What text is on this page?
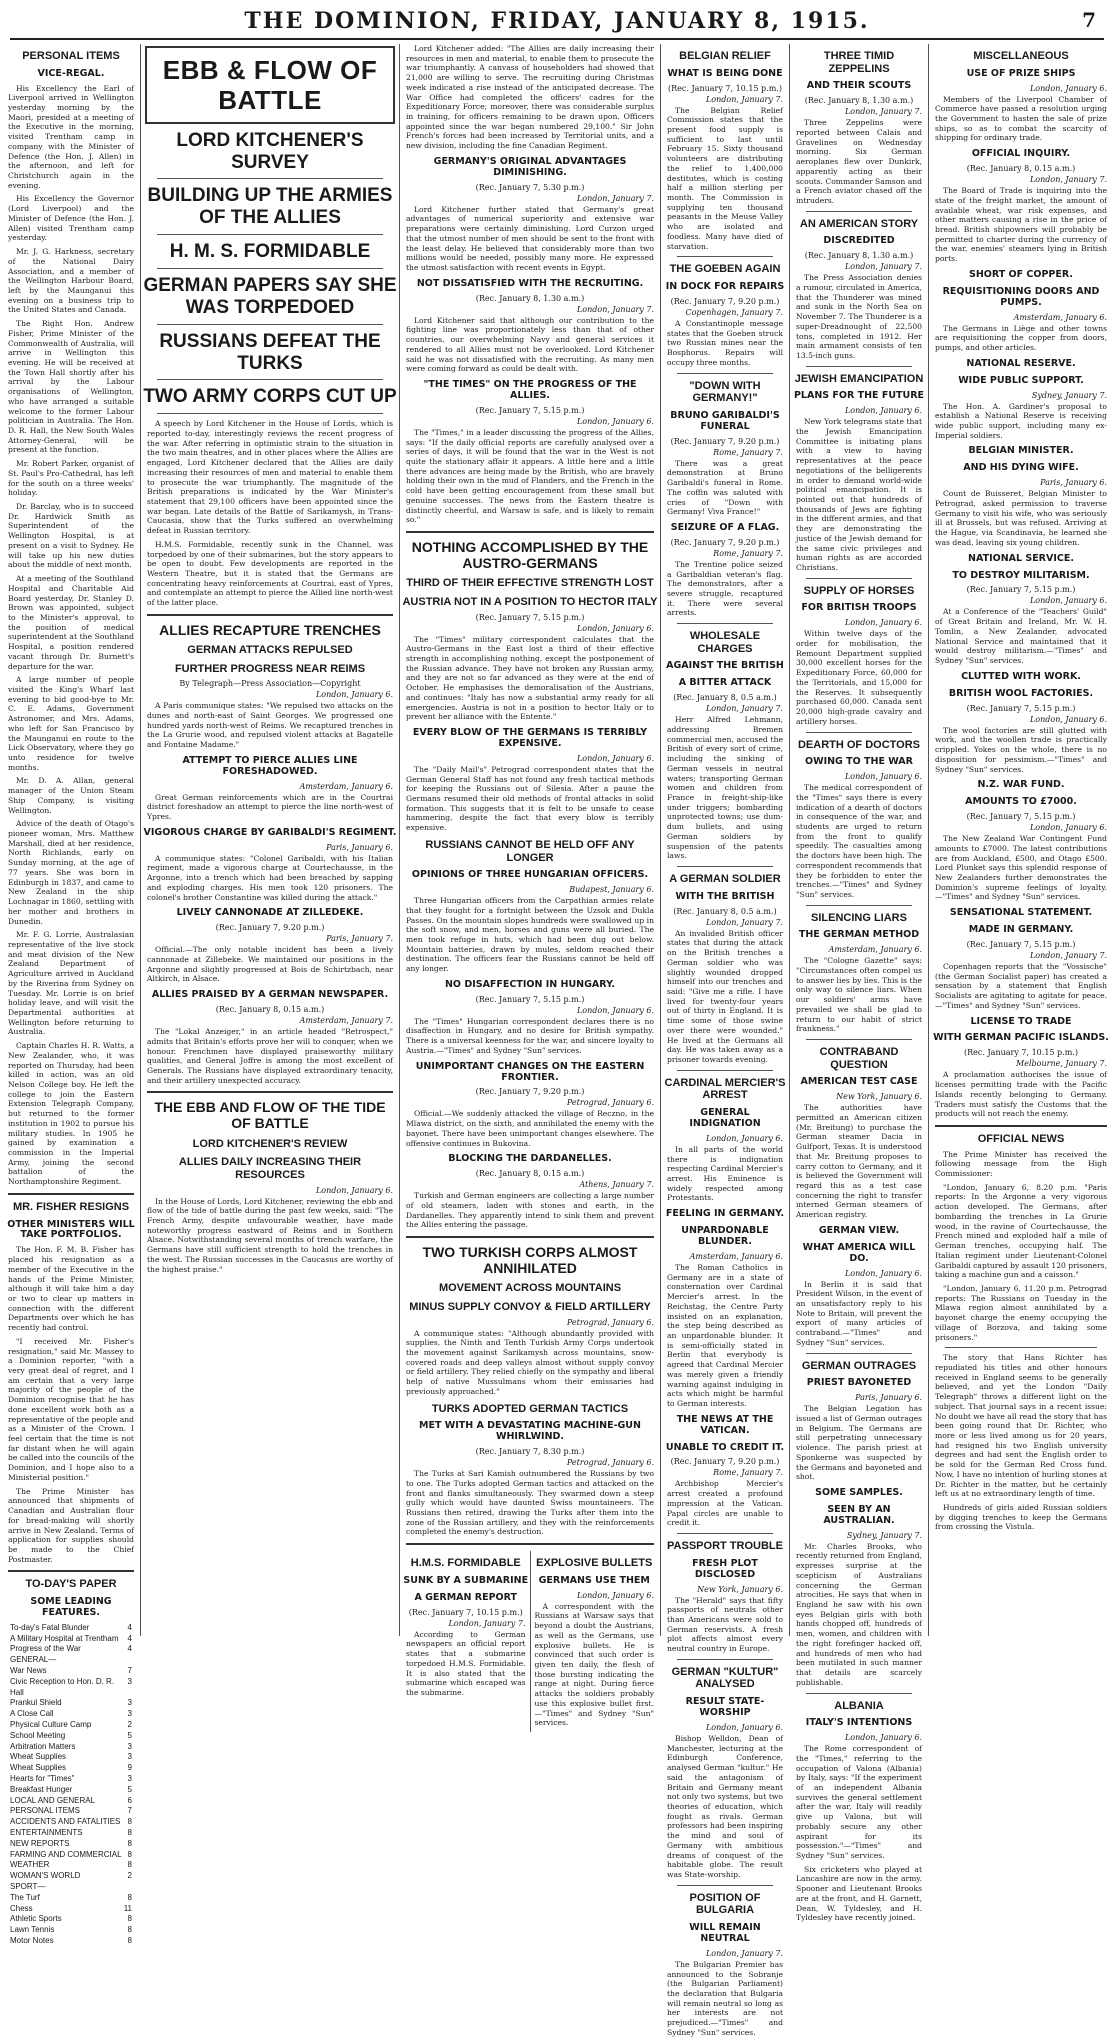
THE DOMINION, FRIDAY, JANUARY 8, 1915.	7
PERSONAL ITEMS
VICE-REGAL.

His Excellency the Earl of Liverpool arrived in Wellington yesterday morning by the Maori, presided at a meeting of the Executive in the morning, visited Trentham camp in company with the Minister of Defence (the Hon. J. Allen) in the afternoon, and left for Christchurch again in the evening.

His Excellency the Governor (Lord Liverpool) and the Minister of Defence (the Hon. J. Allen) visited Trentham camp yesterday.

Mr. J. G. Harkness, secretary of the National Dairy Association, and a member of the Wellington Harbour Board, left by the Maunganui this evening on a business trip to the United States and Canada.

The Right Hon. Andrew Fisher, Prime Minister of the Commonwealth of Australia, will arrive in Wellington this evening. He will be received at the Town Hall shortly after his arrival by the Labour organisations of Wellington, who have arranged a suitable welcome to the former Labour politician in Australia. The Hon. D. R. Hall, the New South Wales Attorney-General, will be present at the function.

Mr. Robert Parker, organist of St. Paul's Pro-Cathedral, has left for the south on a three weeks' holiday.

Dr. Barclay, who is to succeed Dr. Hardwick Smith as Superintendent of the Wellington Hospital, is at present on a visit to Sydney. He will take up his new duties about the middle of next month.

At a meeting of the Southland Hospital and Charitable Aid Board yesterday, Dr. Stanley D. Brown was appointed, subject to the Minister's approval, to the position of medical superintendent at the Southland Hospital, a position rendered vacant through Dr. Burnett's departure for the war.

A large number of people visited the King's Wharf last evening to bid good-bye to Mr. C. E. Adams, Government Astronomer, and Mrs. Adams, who left for San Francisco by the Maunganui en route to the Lick Observatory, where they go unto residence for twelve months.

Mr. D. A. Allan, general manager of the Union Steam Ship Company, is visiting Wellington.

Advice of the death of Otago's pioneer woman, Mrs. Matthew Marshall, died at her residence, North Richlands, early on Sunday morning, at the age of 77 years. She was born in Edinburgh in 1837, and came to New Zealand in the ship Lochnagar in 1860, settling with her mother and brothers in Dunedin.

Mr. F. G. Lorrie, Australasian representative of the live stock and meat division of the New Zealand Department of Agriculture arrived in Auckland by the Riverina from Sydney on Tuesday. Mr. Lorrie is on brief holiday leave, and will visit the Departmental authorities at Wellington before returning to Australia.

Captain Charles H. R. Watts, a New Zealander, who, it was reported on Thursday, had been killed in action, was an old Nelson College boy. He left the college to join the Eastern Extension Telegraph Company, but returned to the former institution in 1902 to pursue his military studies. In 1905 he gained by examination a commission in the Imperial Army, joining the second battalion of the Northamptonshire Regiment.

MR. FISHER RESIGNS
OTHER MINISTERS WILL TAKE PORTFOLIOS.

The Hon. F. M. B. Fisher has placed his resignation as a member of the Executive in the hands of the Prime Minister, although it will take him a day or two to clear up matters in connection with the different Departments over which he has recently had control.

"I received Mr. Fisher's resignation," said Mr. Massey to a Dominion reporter, "with a very great deal of regret, and I am certain that a very large majority of the people of the Dominion recognise that he has done excellent work both as a representative of the people and as a Minister of the Crown. I feel certain that the time is not far distant when he will again be called into the councils of the Dominion, and I hope also to a Ministerial position."

The Prime Minister has announced that shipments of Canadian and Australian flour for bread-making will shortly arrive in New Zealand. Terms of application for supplies should be made to the Chief Postmaster.

TO-DAY'S PAPER
SOME LEADING FEATURES.
To-day's Fatal Blunder	4
A Military Hospital at Trentham 4
Progress of the War	4
GENERAL—
War News	7
Civic Reception to Hon. D. R. Hall
3
Prankul Shield	3
A Close Call	3
Physical Culture Camp	2
School Meeting	5
Arbitration Matters	3
Wheat Supplies	3
Wheat Supplies	9
Hearts for "Times"	3
Breakfast Hunger	5
LOCAL AND GENERAL	6
PERSONAL ITEMS	7
ACCIDENTS AND FATALITIES 8
ENTERTAINMENTS	8
NEW REPORTS	8
FARMING AND COMMERCIAL 8
WEATHER	8
WOMAN'S WORLD	2
SPORT—
The Turf	8
Chess	11
Athletic Sports	8
Lawn Tennis	8
Motor Notes	8
EBB & FLOW OF BATTLE
LORD KITCHENER'S SURVEY
BUILDING UP THE ARMIES OF THE ALLIES
H. M. S. FORMIDABLE
GERMAN PAPERS SAY SHE WAS TORPEDOED
RUSSIANS DEFEAT THE TURKS
TWO ARMY CORPS CUT UP

A speech by Lord Kitchener in the House of Lords, which is reported to-day, interestingly reviews the recent progress of the war. After referring in optimistic strain to the situation in the two main theatres, and in other places where the Allies are engaged, Lord Kitchener declared that the Allies are daily increasing their resources of men and material to enable them to prosecute the war triumphantly. The magnitude of the British preparations is indicated by the War Minister's statement that 29,100 officers have been appointed since the war began. Late details of the Battle of Sarikamysh, in Trans-Caucasia, show that the Turks suffered an overwhelming defeat in Russian territory.

H.M.S. Formidable, recently sunk in the Channel, was torpedoed by one of their submarines, but the story appears to be open to doubt. Few developments are reported in the Western Theatre, but it is stated that the Germans are concentrating heavy reinforcements at Courtrai, east of Ypres, and contemplate an attempt to pierce the Allied line north-west of the latter place.

ALLIES RECAPTURE TRENCHES
GERMAN ATTACKS REPULSED
FURTHER PROGRESS NEAR REIMS
By Telegraph—Press Association—Copyright
London, January 6.

A Paris communique states: "We repulsed two attacks on the dunes and north-east of Saint Georges. We progressed one hundred yards north-west of Reims. We recaptured trenches in the La Grurie wood, and repulsed violent attacks at Bagatelle and Fontaine Madame."

ATTEMPT TO PIERCE ALLIES LINE FORESHADOWED.
Amsterdam, January 6.

Great German reinforcements which are in the Courtrai district foreshadow an attempt to pierce the line north-west of Ypres.

VIGOROUS CHARGE BY GARIBALDI'S REGIMENT.
Paris, January 6.

A communique states: "Colonel Garibaldi, with his Italian regiment, made a vigorous charge at Courtechausse, in the Argonne, into a trench which had been breached by sapping and exploding charges. His men took 120 prisoners. The colonel's brother Constantine was killed during the attack."

LIVELY CANNONADE AT ZILLEDEKE.
(Rec. January 7, 9.20 p.m.)
Paris, January 7.

Official.—The only notable incident has been a lively cannonade at Zillebeke. We maintained our positions in the Argonne and slightly progressed at Bois de Schirtzbach, near Altkirch, in Alsace.

ALLIES PRAISED BY A GERMAN NEWSPAPER.
(Rec. January 8, 0.15 a.m.)
Amsterdam, January 7.

The "Lokal Anzeiger," in an article headed "Retrospect," admits that Britain's efforts prove her will to conquer, when we honour. Frenchmen have displayed praiseworthy military qualities, and General Joffre is among the most excellent of Generals. The Russians have displayed extraordinary tenacity, and their artillery unexpected accuracy.

THE EBB AND FLOW OF THE TIDE OF BATTLE
LORD KITCHENER'S REVIEW
ALLIES DAILY INCREASING THEIR RESOURCES
London, January 6.

In the House of Lords, Lord Kitchener, reviewing the ebb and flow of the tide of battle during the past few weeks, said: "The French Army, despite unfavourable weather, have made noteworthy progress eastward of Reims and in Southern Alsace. Notwithstanding several months of trench warfare, the Germans have still sufficient strength to hold the trenches in the west. The Russian successes in the Caucasus are worthy of the highest praise."

Lord Kitchener added: "The Allies are daily increasing their resources in men and material, to enable them to prosecute the war triumphantly. A canvass of householders had showed that 21,000 are willing to serve. The recruiting during Christmas week indicated a rise instead of the anticipated decrease. The War Office had completed the officers' cadres for the Expeditionary Force; moreover, there was considerable surplus in training, for officers remaining to be drawn upon. Officers appointed since the war began numbered 29,100." Sir John French's forces had been increased by Territorial units, and a new division, including the fine Canadian Regiment.

GERMANY'S ORIGINAL ADVANTAGES DIMINISHING.
(Rec. January 7, 5.30 p.m.)
London, January 7.

Lord Kitchener further stated that Germany's great advantages of numerical superiority and extensive war preparations were certainly diminishing. Lord Curzon urged that the utmost number of men should be sent to the front with the least delay. He believed that considerably more than two millions would be needed, possibly many more. He expressed the utmost satisfaction with recent events in Egypt.

NOT DISSATISFIED WITH THE RECRUITING.
(Rec. January 8, 1.30 a.m.)
London, January 7.

Lord Kitchener said that although our contribution to the fighting line was proportionately less than that of other countries, our overwhelming Navy and general services it rendered to all Allies must not be overlooked. Lord Kitchener said he was not dissatisfied with the recruiting. As many men were coming forward as could be dealt with.

"THE TIMES" ON THE PROGRESS OF THE ALLIES.
(Rec. January 7, 5.15 p.m.)
London, January 6.

The "Times," in a leader discussing the progress of the Allies, says: "If the daily official reports are carefully analysed over a series of days, it will be found that the war in the West is not quite the stationary affair it appears. A little here and a little there advances are being made by the British, who are bravely holding their own in the mud of Flanders, and the French in the cold have been getting encouragement from these small but genuine successes. The news from the Eastern theatre is distinctly cheerful, and Warsaw is safe, and is likely to remain so."

NOTHING ACCOMPLISHED BY THE AUSTRO-GERMANS
THIRD OF THEIR EFFECTIVE STRENGTH LOST
AUSTRIA NOT IN A POSITION TO HECTOR ITALY
(Rec. January 7, 5.15 p.m.)
London, January 6.

The "Times" military correspondent calculates that the Austro-Germans in the East lost a third of their effective strength in accomplishing nothing, except the postponement of the Russian advance. They have not broken any Russian army, and they are not so far advanced as they were at the end of October. He emphasises the demoralisation of the Austrians, and continues: "Italy has now a substantial army ready for all emergencies. Austria is not in a position to hector Italy or to prevent her alliance with the Entente."

EVERY BLOW OF THE GERMANS IS TERRIBLY EXPENSIVE.
London, January 6.

The "Daily Mail's" Petrograd correspondent states that the German General Staff has not found any fresh tactical methods for keeping the Russians out of Silesia. After a pause the Germans resumed their old methods of frontal attacks in solid formation. This suggests that it is felt to be unsafe to cease hammering, despite the fact that every blow is terribly expensive.

RUSSIANS CANNOT BE HELD OFF ANY LONGER
OPINIONS OF THREE HUNGARIAN OFFICERS.
Budapest, January 6.

Three Hungarian officers from the Carpathian armies relate that they fought for a fortnight between the Uzsok and Dukla Passes. On the mountain slopes hundreds were swallowed up in the soft snow, and men, horses and guns were all buried. The men took refuge in huts, which had been dug out below. Mountain batteries, drawn by mules, seldom reached their destination. The officers fear the Russians cannot be held off any longer.

NO DISAFFECTION IN HUNGARY.
(Rec. January 7, 5.15 p.m.)
London, January 6.

The "Times" Hungarian correspondent declares there is no disaffection in Hungary, and no desire for British sympathy. There is a universal keenness for the war, and sincere loyalty to Austria.—"Times" and Sydney "Sun" services.

UNIMPORTANT CHANGES ON THE EASTERN FRONTIER.
(Rec. January 7, 9.20 p.m.)
Petrograd, January 6.

Official.—We suddenly attacked the village of Reczno, in the Mlawa district, on the sixth, and annihilated the enemy with the bayonet. There have been unimportant changes elsewhere. The offensive continues in Bukovina.

BLOCKING THE DARDANELLES.
(Rec. January 8, 0.15 a.m.)
Athens, January 7.

Turkish and German engineers are collecting a large number of old steamers, laden with stones and earth, in the Dardanelles. They apparently intend to sink them and prevent the Allies entering the passage.

TWO TURKISH CORPS ALMOST ANNIHILATED
MOVEMENT ACROSS MOUNTAINS
MINUS SUPPLY CONVOY & FIELD ARTILLERY
Petrograd, January 6.

A communique states: "Although abundantly provided with supplies, the Ninth and Tenth Turkish Army Corps undertook the movement against Sarikamysh across mountains, snow-covered roads and deep valleys almost without supply convoy or field artillery. They relied chiefly on the sympathy and liberal help of native Mussulmans whom their emissaries had previously approached."

TURKS ADOPTED GERMAN TACTICS
MET WITH A DEVASTATING MACHINE-GUN WHIRLWIND.
(Rec. January 7, 8.30 p.m.)
Petrograd, January 6.

The Turks at Sari Kamish outnumbered the Russians by two to one. The Turks adopted German tactics and attacked on the front and flanks simultaneously. They swarmed down a steep gully which would have daunted Swiss mountaineers. The Russians then retired, drawing the Turks after them into the zone of the Russian artillery, and they with the reinforcements completed the enemy's destruction.

H.M.S. FORMIDABLE
SUNK BY A SUBMARINE
A GERMAN REPORT
(Rec. January 7, 10.15 p.m.)
London, January 7.

According to German newspapers an official report states that a submarine torpedoed H.M.S. Formidable. It is also stated that the submarine which escaped was the submarine.

EXPLOSIVE BULLETS
GERMANS USE THEM
London, January 6.

A correspondent with the Russians at Warsaw says that beyond a doubt the Austrians, as well as the Germans, use explosive bullets. He is convinced that such order is given ten daily, the flesh of those bursting indicating the range at night. During fierce attacks the soldiers probably use this explosive bullet first.—"Times" and Sydney "Sun" services.

BELGIAN RELIEF
WHAT IS BEING DONE
(Rec. January 7, 10.15 p.m.)
London, January 7.

The Belgian Relief Commission states that the present food supply is sufficient to last until February 15. Sixty thousand volunteers are distributing the relief to 1,400,000 destitutes, which is costing half a million sterling per month. The Commission is supplying ten thousand peasants in the Meuse Valley who are isolated and foodless. Many have died of starvation.

THE GOEBEN AGAIN
IN DOCK FOR REPAIRS
(Rec. January 7, 9.20 p.m.)
Copenhagen, January 7.

A Constantinople message states that the Goeben struck two Russian mines near the Bosphorus. Repairs will occupy three months.

"DOWN WITH GERMANY!"
BRUNO GARIBALDI'S FUNERAL
(Rec. January 7, 9.20 p.m.)
Rome, January 7.

There was a great demonstration at Bruno Garibaldi's funeral in Rome. The coffin was saluted with cries of "Down with Germany! Viva France!"

SEIZURE OF A FLAG.
(Rec. January 7, 9.20 p.m.)
Rome, January 7.

The Trentine police seized a Garibaldian veteran's flag. The demonstrators, after a severe struggle, recaptured it. There were several arrests.

WHOLESALE CHARGES
AGAINST THE BRITISH
A BITTER ATTACK
(Rec. January 8, 0.5 a.m.)
London, January 7.

Herr Alfred Lehmann, addressing Bremen commercial men, accused the British of every sort of crime, including the sinking of German vessels in neutral waters; transporting German women and children from France in freight-ship-like under triggers; bombarding unprotected towns; use dum-dum bullets, and using German soldiers by suspension of the patents laws.

A GERMAN SOLDIER
WITH THE BRITISH
(Rec. January 8, 0.5 a.m.)
London, January 7.

An invalided British officer states that during the attack on the British trenches a German soldier who was slightly wounded dropped himself into our trenches and said: "Give me a rifle. I have lived for twenty-four years out of thirty in England. It is time some of those swine over there were wounded." He lived at the Germans all day. He was taken away as a prisoner towards evening.

CARDINAL MERCIER'S ARREST
GENERAL INDIGNATION
London, January 6.

In all parts of the world there is indignation respecting Cardinal Mercier's arrest. His Eminence is widely respected among Protestants.

FEELING IN GERMANY.
UNPARDONABLE BLUNDER.
Amsterdam, January 6.

The Roman Catholics in Germany are in a state of consternation over Cardinal Mercier's arrest. In the Reichstag, the Centre Party insisted on an explanation, the step being described as an unpardonable blunder. It is semi-officially stated in Berlin that everybody is agreed that Cardinal Mercier was merely given a friendly warning against indulging in acts which might be harmful to German interests.

THE NEWS AT THE VATICAN.
UNABLE TO CREDIT IT.
(Rec. January 7, 9.20 p.m.)
Rome, January 7.

Archbishop Mercier's arrest created a profound impression at the Vatican. Papal circles are unable to credit it.

PASSPORT TROUBLE
FRESH PLOT DISCLOSED
New York, January 6.

The "Herald" says that fifty passports of neutrals other than Americans were sold to German reservists. A fresh plot affects almost every neutral country in Europe.

GERMAN "KULTUR" ANALYSED
RESULT STATE-WORSHIP
London, January 6.

Bishop Welldon, Dean of Manchester, lecturing at the Edinburgh Conference, analysed German "kultur." He said the antagonism of Britain and Germany meant not only two systems, but two theories of education, which fought as rivals. German professors had been inspiring the mind and soul of Germany with ambitious dreams of conquest of the habitable globe. The result was State-worship.

POSITION OF BULGARIA
WILL REMAIN NEUTRAL
London, January 7.

The Bulgarian Premier has announced to the Sobranje (the Bulgarian Parliament) the declaration that Bulgaria will remain neutral so long as her interests are not prejudiced.—"Times" and Sydney "Sun" services.

THREE TIMID ZEPPELINS
AND THEIR SCOUTS
(Rec. January 8, 1.30 a.m.)
London, January 7.

Three Zeppelins were reported between Calais and Gravelines on Wednesday morning. Six German aeroplanes flew over Dunkirk, apparently acting as their scouts. Commander Samson and a French aviator chased off the intruders.

AN AMERICAN STORY
DISCREDITED
(Rec. January 8, 1.30 a.m.)
London, January 7.

The Press Association denies a rumour, circulated in America, that the Thunderer was mined and sunk in the North Sea on November 7. The Thunderer is a super-Dreadnought of 22,500 tons, completed in 1912. Her main armament consists of ten 13.5-inch guns.

JEWISH EMANCIPATION
PLANS FOR THE FUTURE
London, January 6.

New York telegrams state that the Jewish Emancipation Committee is initiating plans with a view to having representatives at the peace negotiations of the belligerents in order to demand world-wide political emancipation. It is pointed out that hundreds of thousands of Jews are fighting in the different armies, and that they are demonstrating the justice of the Jewish demand for the same civic privileges and human rights as are accorded Christians.

SUPPLY OF HORSES
FOR BRITISH TROOPS
London, January 6.

Within twelve days of the order for mobilisation, the Remount Department supplied 30,000 excellent horses for the Expeditionary Force, 60,000 for the Territorials, and 15,000 for the Reserves. It subsequently purchased 60,000. Canada sent 20,000 high-grade cavalry and artillery horses.

DEARTH OF DOCTORS
OWING TO THE WAR
London, January 6.

The medical correspondent of the "Times" says there is every indication of a dearth of doctors in consequence of the war, and students are urged to return from the front to qualify speedily. The casualties among the doctors have been high. The correspondent recommends that they be forbidden to enter the trenches.—"Times" and Sydney "Sun" services.

SILENCING LIARS
THE GERMAN METHOD
Amsterdam, January 6.

The "Cologne Gazette" says: "Circumstances often compel us to answer lies by lies. This is the only way to silence liars. When our soldiers' arms have prevailed we shall be glad to return to our habit of strict frankness."

CONTRABAND QUESTION
AMERICAN TEST CASE
New York, January 6.

The authorities have permitted an American citizen (Mr. Breitung) to purchase the German steamer Dacia in Gulfport, Texas. It is understood that Mr. Breitung proposes to carry cotton to Germany, and it is believed the Government will regard this as a test case concerning the right to transfer interned German steamers of American registry.

GERMAN VIEW.
WHAT AMERICA WILL DO.
London, January 6.

In Berlin it is said that President Wilson, in the event of an unsatisfactory reply to his Note to Britain, will prevent the export of many articles of contraband.—"Times" and Sydney "Sun" services.

GERMAN OUTRAGES
PRIEST BAYONETED
Paris, January 6.

The Belgian Legation has issued a list of German outrages in Belgium. The Germans are still perpetrating unnecessary violence. The parish priest at Sponkerne was suspected by the Germans and bayoneted and shot.

SOME SAMPLES.
SEEN BY AN AUSTRALIAN.
Sydney, January 7.

Mr. Charles Brooks, who recently returned from England, expresses surprise at the scepticism of Australians concerning the German atrocities. He says that when in England he saw with his own eyes Belgian girls with both hands chopped off, hundreds of men, women, and children with the right forefinger hacked off, and hundreds of men who had been mutilated in such manner that details are scarcely publishable.

ALBANIA
ITALY'S INTENTIONS
London, January 6.

The Rome correspondent of the "Times," referring to the occupation of Valona (Albania) by Italy, says: "If the experiment of an independent Albania survives the general settlement after the war, Italy will readily give up Valona, but will probably secure any other aspirant for its possession."—"Times" and Sydney "Sun" services.

Six cricketers who played at Lancashire are now in the army. Spooner and Lieutenant Brooks are at the front, and H. Garnett, Dean, W. Tyldesley, and H. Tyldesley have recently joined.

MISCELLANEOUS
USE OF PRIZE SHIPS
London, January 6.

Members of the Liverpool Chamber of Commerce have passed a resolution urging the Government to hasten the sale of prize ships, so as to combat the scarcity of shipping for ordinary trade.

OFFICIAL INQUIRY.
(Rec. January 8, 0.15 a.m.)
London, January 7.

The Board of Trade is inquiring into the state of the freight market, the amount of available wheat, war risk expenses, and other matters causing a rise in the price of bread. British shipowners will probably be permitted to charter during the currency of the war, enemies' steamers lying in British ports.

SHORT OF COPPER.
REQUISITIONING DOORS AND PUMPS.
Amsterdam, January 6.

The Germans in Liège and other towns are requisitioning the copper from doors, pumps, and other articles.

NATIONAL RESERVE.
WIDE PUBLIC SUPPORT.
Sydney, January 7.

The Hon. A. Gardiner's proposal to establish a National Reserve is receiving wide public support, including many ex-Imperial soldiers.

BELGIAN MINISTER.
AND HIS DYING WIFE.
Paris, January 6.

Count de Buisseret, Belgian Minister to Petrograd, asked permission to traverse Germany to visit his wife, who was seriously ill at Brussels, but was refused. Arriving at the Hague, via Scandinavia, he learned she was dead, leaving six young children.

NATIONAL SERVICE.
TO DESTROY MILITARISM.
(Rec. January 7, 5.15 p.m.)
London, January 6.

At a Conference of the "Teachers' Guild" of Great Britain and Ireland, Mr. W. H. Tomlin, a New Zealander, advocated National Service and maintained that it would destroy militarism.—"Times" and Sydney "Sun" services.

CLUTTED WITH WORK.
BRITISH WOOL FACTORIES.
(Rec. January 7, 5.15 p.m.)
London, January 6.

The wool factories are still glutted with work, and the woollen trade is practically crippled. Yokes on the whole, there is no disposition for pessimism.—"Times" and Sydney "Sun" services.

N.Z. WAR FUND.
AMOUNTS TO £7000.
(Rec. January 7, 5.15 p.m.)
London, January 6.

The New Zealand War Contingent Fund amounts to £7000. The latest contributions are from Auckland, £500, and Otago £500. Lord Plunket says this splendid response of New Zealanders further demonstrates the Dominion's supreme feelings of loyalty.—"Times" and Sydney "Sun" services.

SENSATIONAL STATEMENT.
MADE IN GERMANY.
(Rec. January 7, 5.15 p.m.)
London, January 7.

Copenhagen reports that the "Vossische" (the German Socialist paper) has created a sensation by a statement that English Socialists are agitating to agitate for peace.—"Times" and Sydney "Sun" services.

LICENSE TO TRADE
WITH GERMAN PACIFIC ISLANDS.
(Rec. January 7, 10.15 p.m.)
Melbourne, January 7.

A proclamation authorises the issue of licenses permitting trade with the Pacific Islands recently belonging to Germany. Traders must satisfy the Customs that the products will not reach the enemy.

OFFICIAL NEWS

The Prime Minister has received the following message from the High Commissioner:

"London, January 6, 8.20 p.m. "Paris reports: In the Argonne a very vigorous action developed. The Germans, after bombarding the trenches in La Grurie wood, in the ravine of Courtechausse, the French mined and exploded half a mile of German trenches, occupying half. The Italian regiment under Lieutenant-Colonel Garibaldi captured by assault 120 prisoners, taking a machine gun and a caisson."

"London, January 6, 11.20 p.m. Petrograd reports: The Russians on Tuesday in the Mlawa region almost annihilated by a bayonet charge the enemy occupying the village of Borzova, and taking some prisoners."

The story that Hans Richter has repudiated his titles and other honours received in England seems to be generally believed, and yet the London "Daily Telegraph" throws a different light on the subject. That journal says in a recent issue: No doubt we have all read the story that has been going round that Dr. Richter, who more or less lived among us for 20 years, had resigned his two English university degrees and had sent the English order to be sold for the German Red Cross fund. Now, I have no intention of hurling stones at Dr. Richter in the matter, but he certainly left us at no extraordinary length of time.

Hundreds of girls aided Russian soldiers by digging trenches to keep the Germans from crossing the Vistula.
